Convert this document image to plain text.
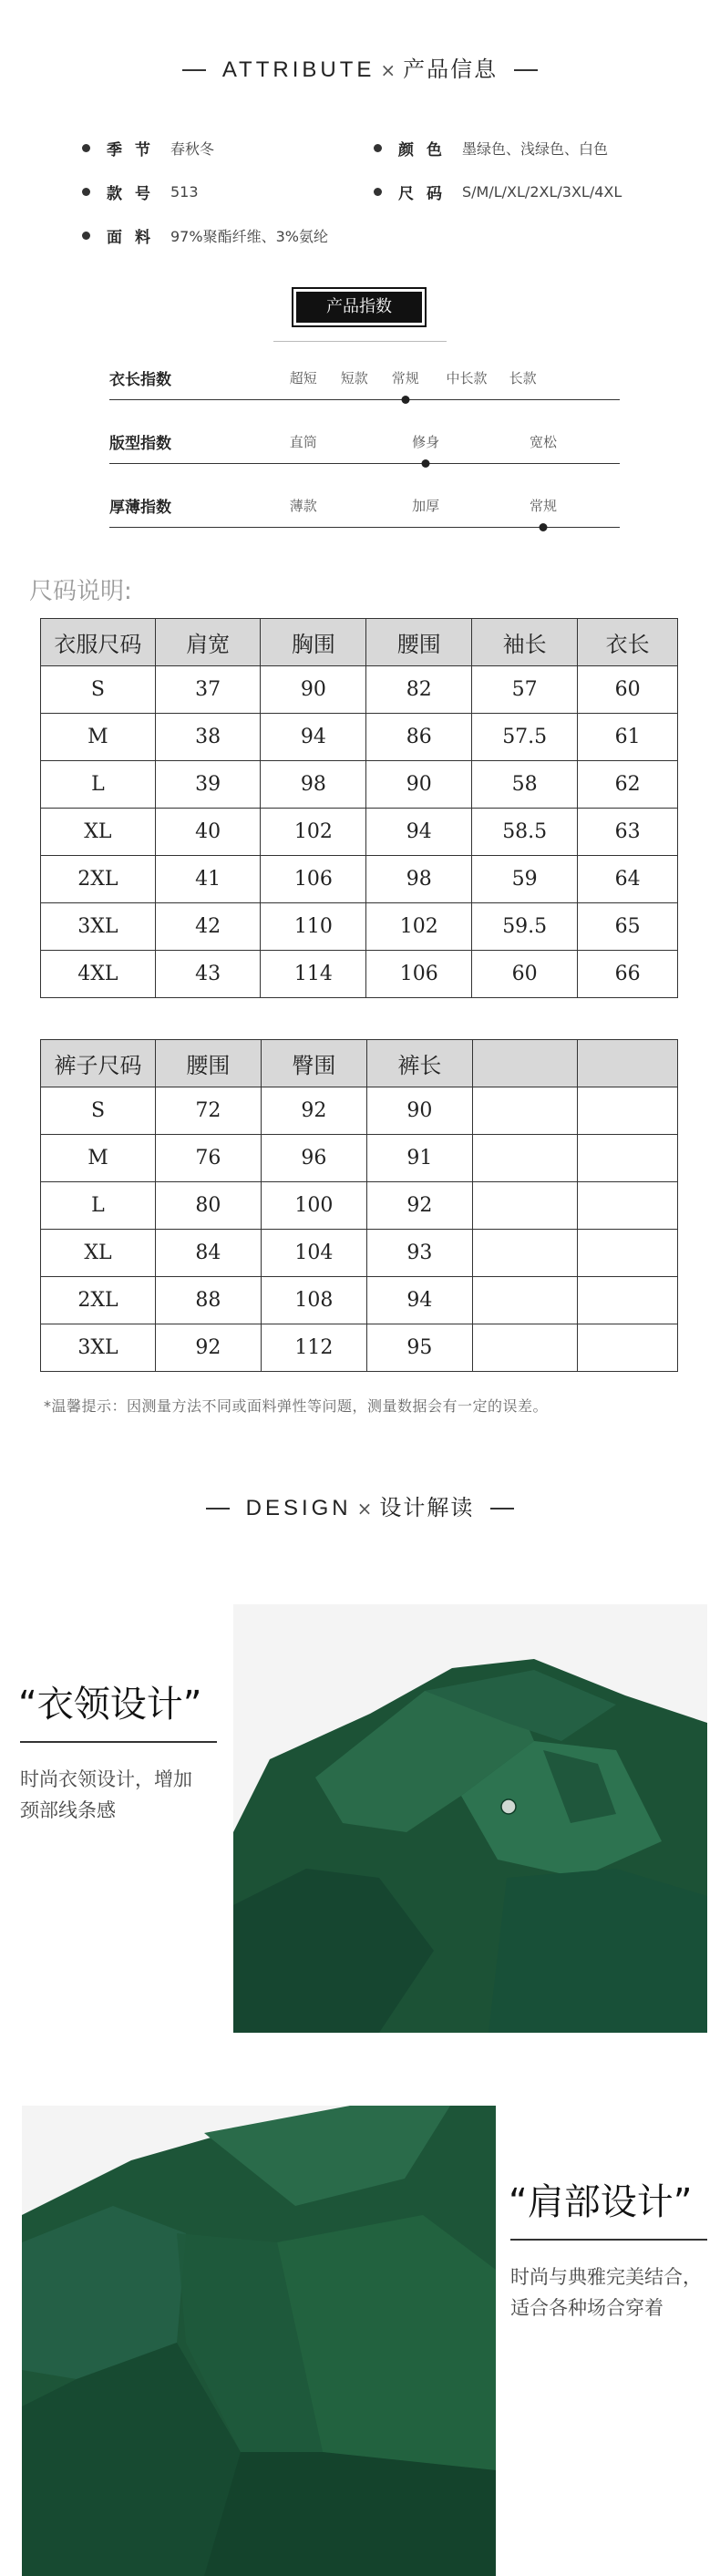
ATTRIBUTE × 产品信息
季节 春秋冬	颜色 墨绿色、浅绿色、白色
款号 513	尺码 S/M/L/XL/2XL/3XL/4XL
面料 97%聚酯纤维、3%氨纶
产品指数
衣长指数	超短 短款 常规 中长款 长款
版型指数	直筒	修身	宽松
厚薄指数	薄款	加厚	常规
尺码说明:
衣服尺码	肩宽	胸围	腰围	袖长	衣长
S	37	90	82	57	60
M	38	94	86	57.5	61
L	39	98	90	58	62
XL	40	102	94	58.5	63
2XL	41	106	98	59	64
3XL	42	110	102	59.5	65
4XL	43	114	106	60	66
裤子尺码	腰围	臀围	裤长		
S	72	92	90		
M	76	96	91		
L	80	100	92		
XL	84	104	93		
2XL	88	108	94		
3XL	92	112	95		
*温馨提示：因测量方法不同或面料弹性等问题，测量数据会有一定的误差。
DESIGN × 设计解读
“衣领设计”
时尚衣领设计，增加
颈部线条感
“肩部设计”
时尚与典雅完美结合，
适合各种场合穿着
